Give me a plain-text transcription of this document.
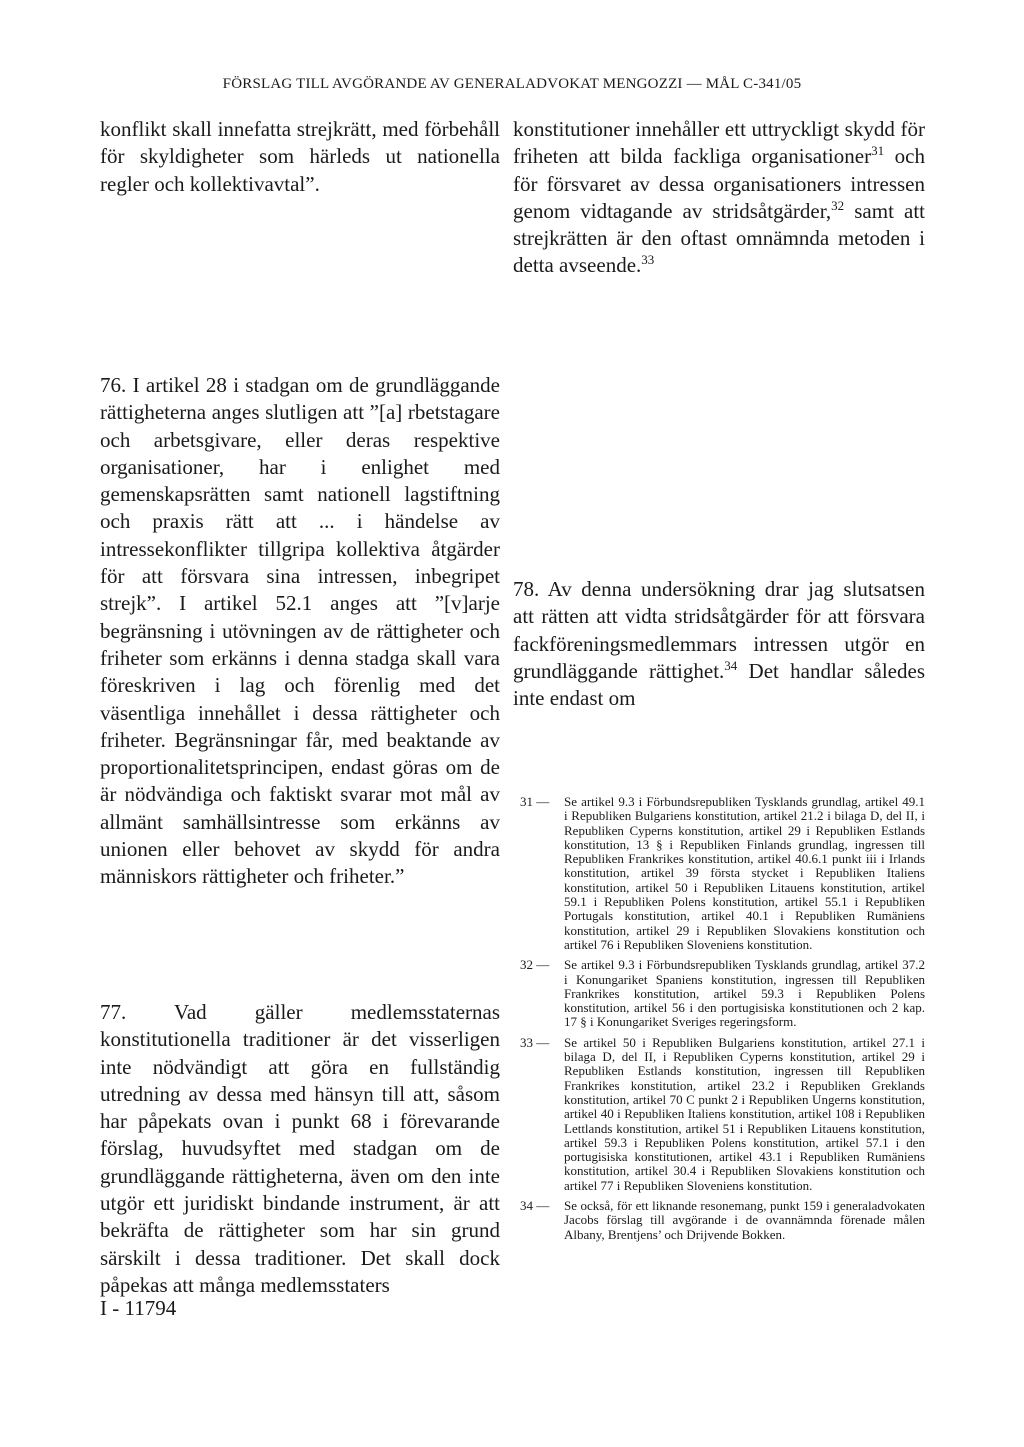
FÖRSLAG TILL AVGÖRANDE AV GENERALADVOKAT MENGOZZI — MÅL C-341/05

konflikt skall innefatta strejkrätt, med förbehåll för skyldigheter som härleds ut nationella regler och kollektivavtal”.

konstitutioner innehåller ett uttryckligt skydd för friheten att bilda fackliga organisationer$^{31}$ och för försvaret av dessa organisationers intressen genom vidtagande av stridsåtgärder,$^{32}$ samt att strejkrätten är den oftast omnämnda metoden i detta avseende.$^{33}$

76. I artikel 28 i stadgan om de grundläggande rättigheterna anges slutligen att ”[a] rbetstagare och arbetsgivare, eller deras respektive organisationer, har i enlighet med gemenskapsrätten samt nationell lagstiftning och praxis rätt att ... i händelse av intressekonflikter tillgripa kollektiva åtgärder för att försvara sina intressen, inbegripet strejk”. I artikel 52.1 anges att ”[v]arje begränsning i utövningen av de rättigheter och friheter som erkänns i denna stadga skall vara föreskriven i lag och förenlig med det väsentliga innehållet i dessa rättigheter och friheter. Begränsningar får, med beaktande av proportionalitetsprincipen, endast göras om de är nödvändiga och faktiskt svarar mot mål av allmänt samhällsintresse som erkänns av unionen eller behovet av skydd för andra människors rättigheter och friheter.”

77. Vad gäller medlemsstaternas konstitutionella traditioner är det visserligen inte nödvändigt att göra en fullständig utredning av dessa med hänsyn till att, såsom har påpekats ovan i punkt 68 i förevarande förslag, huvudsyftet med stadgan om de grundläggande rättigheterna, även om den inte utgör ett juridiskt bindande instrument, är att bekräfta de rättigheter som har sin grund särskilt i dessa traditioner. Det skall dock påpekas att många medlemsstaters

78. Av denna undersökning drar jag slutsatsen att rätten att vidta stridsåtgärder för att försvara fackföreningsmedlemmars intressen utgör en grundläggande rättighet.$^{34}$ Det handlar således inte endast om

31 —	Se artikel 9.3 i Förbundsrepubliken Tysklands grundlag, artikel 49.1 i Republiken Bulgariens konstitution, artikel 21.2 i bilaga D, del II, i Republiken Cyperns konstitution, artikel 29 i Republiken Estlands konstitution, 13 § i Republiken Finlands grundlag, ingressen till Republiken Frankrikes konstitution, artikel 40.6.1 punkt iii i Irlands konstitution, artikel 39 första stycket i Republiken Italiens konstitution, artikel 50 i Republiken Litauens konstitution, artikel 59.1 i Republiken Polens konstitution, artikel 55.1 i Republiken Portugals konstitution, artikel 40.1 i Republiken Rumäniens konstitution, artikel 29 i Republiken Slovakiens konstitution och artikel 76 i Republiken Sloveniens konstitution.
32 —	Se artikel 9.3 i Förbundsrepubliken Tysklands grundlag, artikel 37.2 i Konungariket Spaniens konstitution, ingressen till Republiken Frankrikes konstitution, artikel 59.3 i Republiken Polens konstitution, artikel 56 i den portugisiska konstitutionen och 2 kap. 17 § i Konungariket Sveriges regeringsform.
33 —	Se artikel 50 i Republiken Bulgariens konstitution, artikel 27.1 i bilaga D, del II, i Republiken Cyperns konstitution, artikel 29 i Republiken Estlands konstitution, ingressen till Republiken Frankrikes konstitution, artikel 23.2 i Republiken Greklands konstitution, artikel 70 C punkt 2 i Republiken Ungerns konstitution, artikel 40 i Republiken Italiens konstitution, artikel 108 i Republiken Lettlands konstitution, artikel 51 i Republiken Litauens konstitution, artikel 59.3 i Republiken Polens konstitution, artikel 57.1 i den portugisiska konstitutionen, artikel 43.1 i Republiken Rumäniens konstitution, artikel 30.4 i Republiken Slovakiens konstitution och artikel 77 i Republiken Sloveniens konstitution.
34 —	Se också, för ett liknande resonemang, punkt 159 i generaladvokaten Jacobs förslag till avgörande i de ovannämnda förenade målen Albany, Brentjens’ och Drijvende Bokken.
I - 11794
